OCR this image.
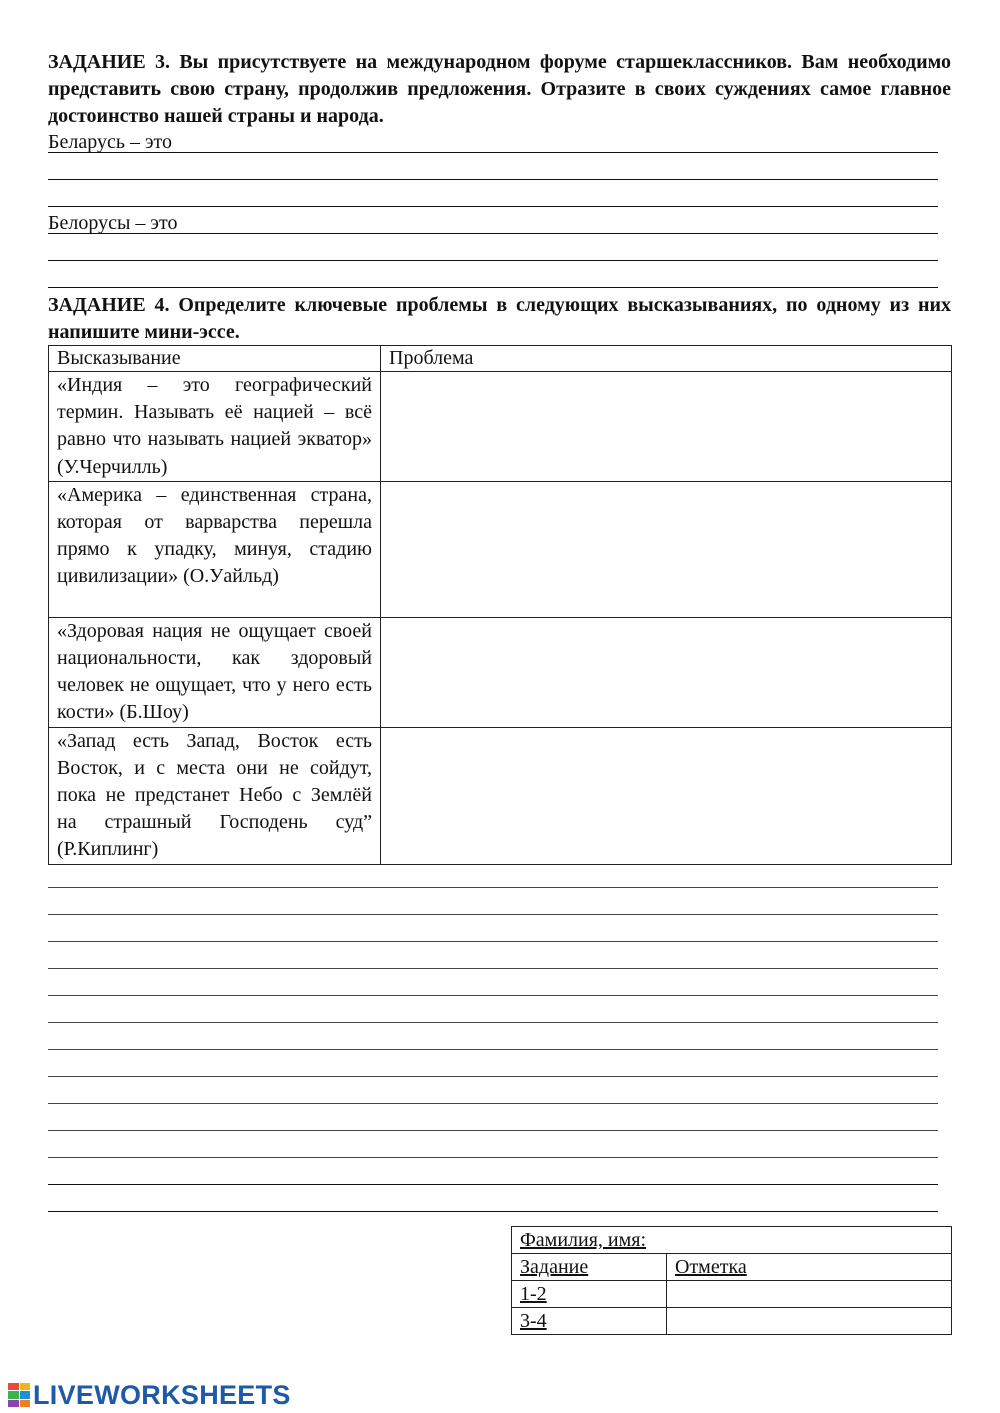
ЗАДАНИЕ 3. Вы присутствуете на международном форуме старшеклассников. Вам необходимо представить свою страну, продолжив предложения. Отразите в своих суждениях самое главное достоинство нашей страны и народа.

Беларусь – это
Белорусы – это

ЗАДАНИЕ 4. Определите ключевые проблемы в следующих высказываниях, по одному из них напишите мини-эссе.

Высказывание	Проблема
«Индия – это географический термин. Называть её нацией – всё равно что называть нацией экватор» (У.Черчилль)	
«Америка – единственная страна, которая от варварства перешла прямо к упадку, минуя, стадию цивилизации» (О.Уайльд)	
«Здоровая нация не ощущает своей национальности, как здоровый человек не ощущает, что у него есть кости» (Б.Шоу)	
«Запад есть Запад, Восток есть Восток, и с места они не сойдут, пока не предстанет Небо с Землёй на страшный Господень суд” (Р.Киплинг)	
Фамилия, имя:	
Задание	Отметка
1-2	
3-4	
LIVEWORKSHEETS
